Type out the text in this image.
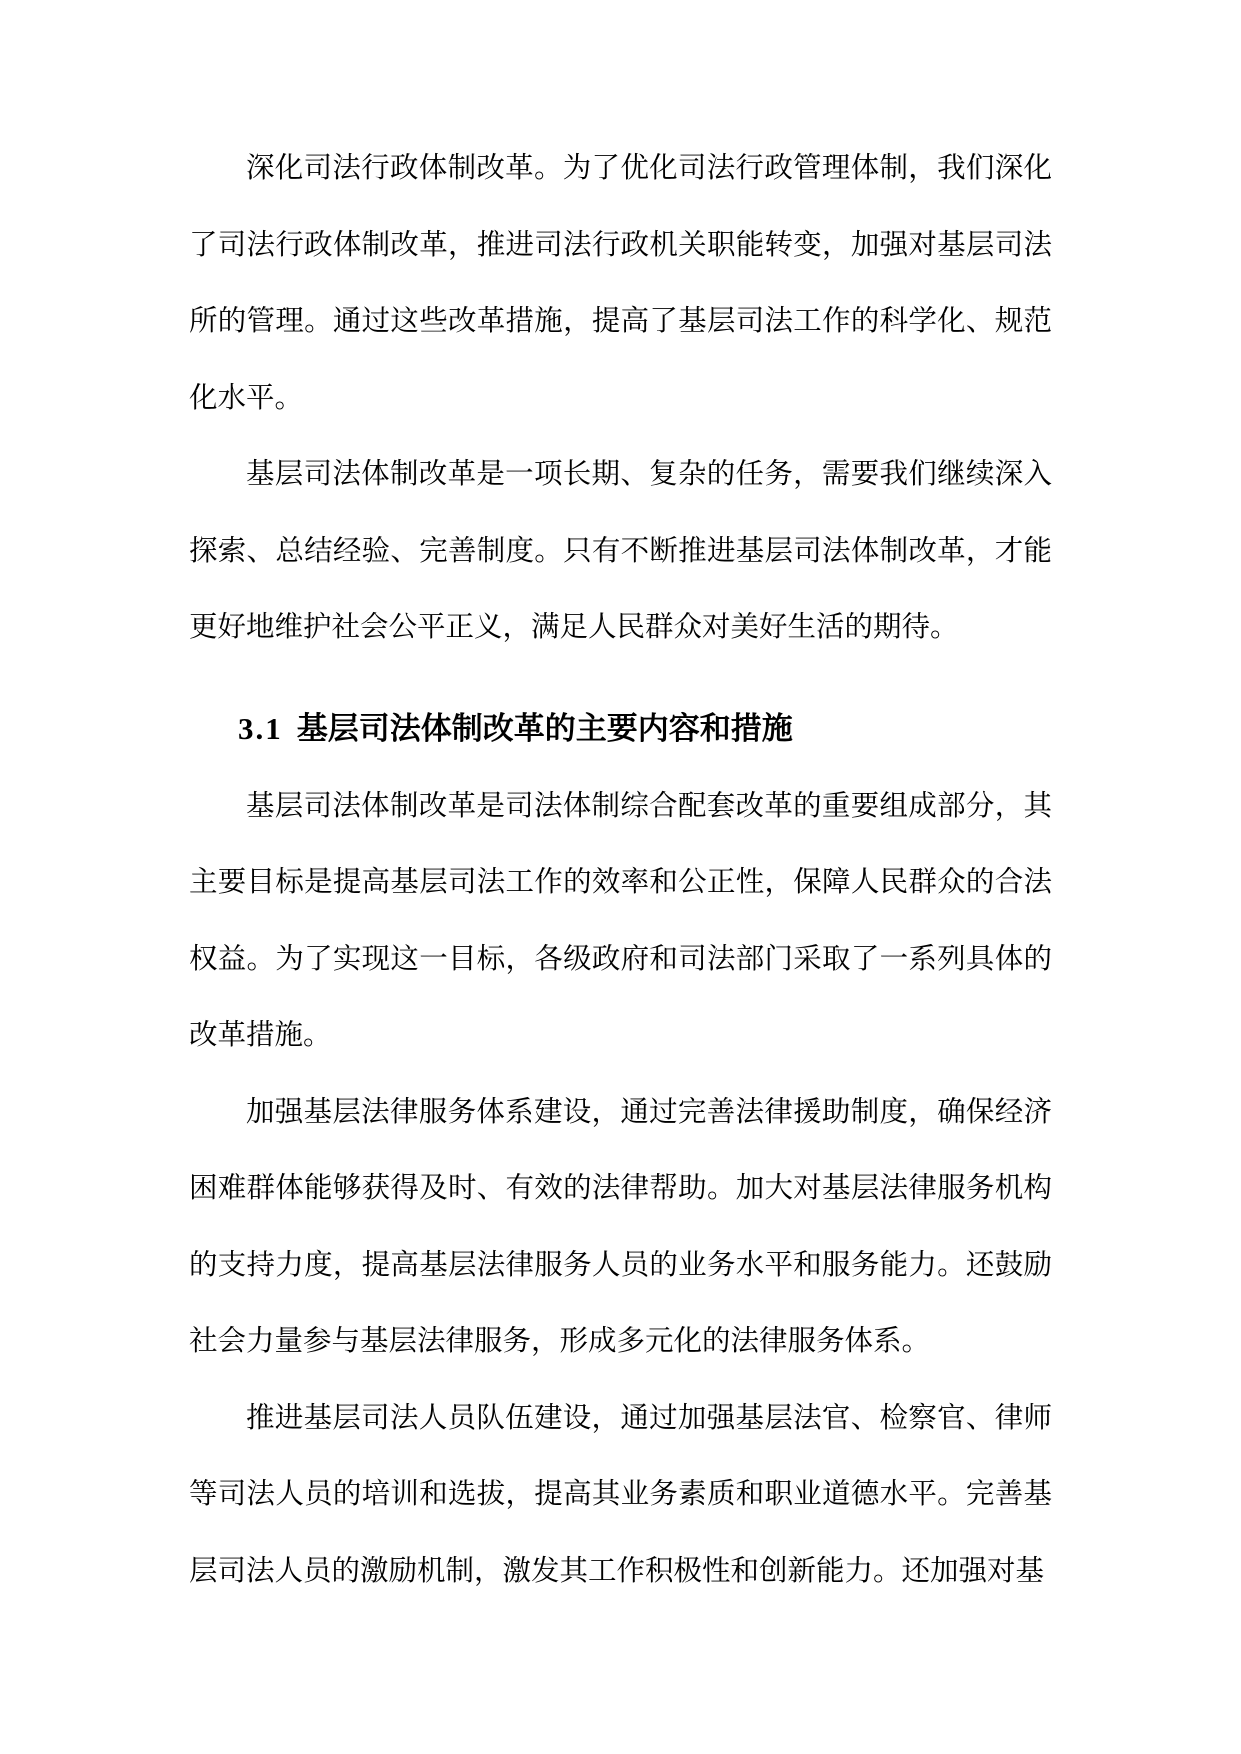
深化司法行政体制改革。为了优化司法行政管理体制，我们深化了司法行政体制改革，推进司法行政机关职能转变，加强对基层司法所的管理。通过这些改革措施，提高了基层司法工作的科学化、规范化水平。

基层司法体制改革是一项长期、复杂的任务，需要我们继续深入探索、总结经验、完善制度。只有不断推进基层司法体制改革，才能更好地维护社会公平正义，满足人民群众对美好生活的期待。

3.1 基层司法体制改革的主要内容和措施

基层司法体制改革是司法体制综合配套改革的重要组成部分，其主要目标是提高基层司法工作的效率和公正性，保障人民群众的合法权益。为了实现这一目标，各级政府和司法部门采取了一系列具体的改革措施。

加强基层法律服务体系建设，通过完善法律援助制度，确保经济困难群体能够获得及时、有效的法律帮助。加大对基层法律服务机构的支持力度，提高基层法律服务人员的业务水平和服务能力。还鼓励社会力量参与基层法律服务，形成多元化的法律服务体系。

推进基层司法人员队伍建设，通过加强基层法官、检察官、律师等司法人员的培训和选拔，提高其业务素质和职业道德水平。完善基层司法人员的激励机制，激发其工作积极性和创新能力。还加强对基
